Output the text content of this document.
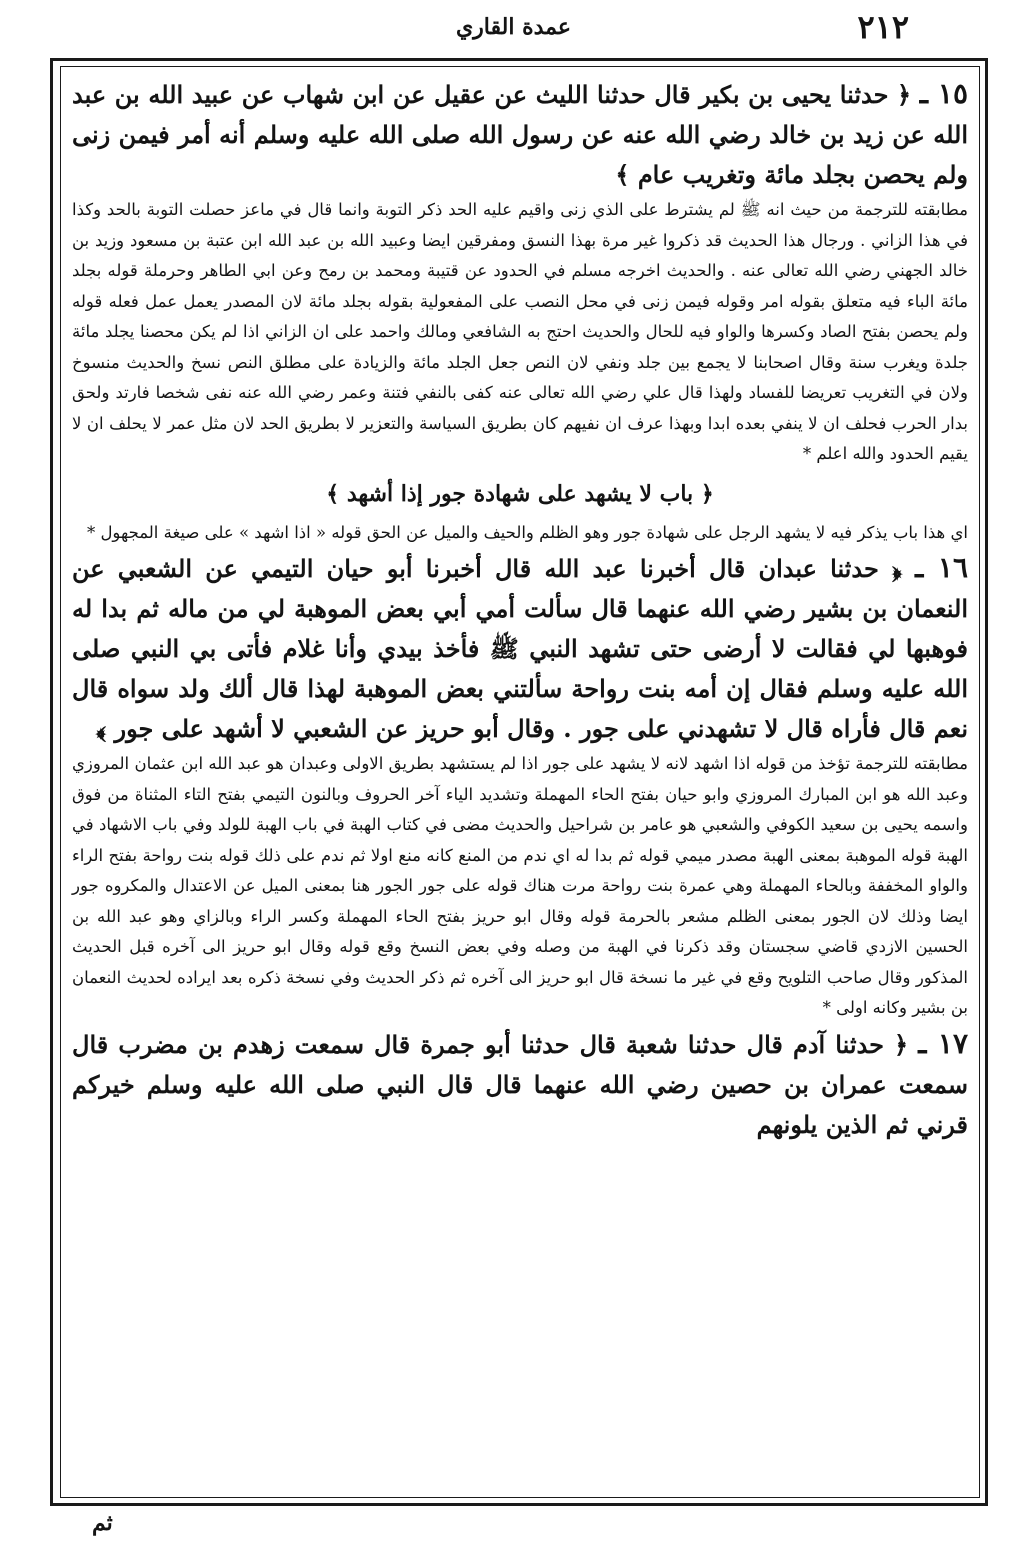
٢١٢
عمدة القاري

١٥ ـ ﴿ حدثنا يحيى بن بكير قال حدثنا الليث عن عقيل عن ابن شهاب عن عبيد الله بن عبد الله عن زيد بن خالد رضي الله عنه عن رسول الله صلى الله عليه وسلم أنه أمر فيمن زنى ولم يحصن بجلد مائة وتغريب عام ﴾

مطابقته للترجمة من حيث انه ﷺ لم يشترط على الذي زنى واقيم عليه الحد ذكر التوبة وانما قال في ماعز حصلت التوبة بالحد وكذا في هذا الزاني . ورجال هذا الحديث قد ذكروا غير مرة بهذا النسق ومفرقين ايضا وعبيد الله بن عبد الله ابن عتبة بن مسعود وزيد بن خالد الجهني رضي الله تعالى عنه . والحديث اخرجه مسلم في الحدود عن قتيبة ومحمد بن رمح وعن ابي الطاهر وحرملة قوله بجلد مائة الباء فيه متعلق بقوله امر وقوله فيمن زنى في محل النصب على المفعولية بقوله بجلد مائة لان المصدر يعمل عمل فعله قوله ولم يحصن بفتح الصاد وكسرها والواو فيه للحال والحديث احتج به الشافعي ومالك واحمد على ان الزاني اذا لم يكن محصنا يجلد مائة جلدة ويغرب سنة وقال اصحابنا لا يجمع بين جلد ونفي لان النص جعل الجلد مائة والزيادة على مطلق النص نسخ والحديث منسوخ ولان في التغريب تعريضا للفساد ولهذا قال علي رضي الله تعالى عنه كفى بالنفي فتنة وعمر رضي الله عنه نفى شخصا فارتد ولحق بدار الحرب فحلف ان لا ينفي بعده ابدا وبهذا عرف ان نفيهم كان بطريق السياسة والتعزير لا بطريق الحد لان مثل عمر لا يحلف ان لا يقيم الحدود والله اعلم *

﴿ باب لا يشهد على شهادة جور إذا أشهد ﴾

اي هذا باب يذكر فيه لا يشهد الرجل على شهادة جور وهو الظلم والحيف والميل عن الحق قوله « اذا اشهد » على صيغة المجهول *

١٦ ـ ﴿ حدثنا عبدان قال أخبرنا عبد الله قال أخبرنا أبو حيان التيمي عن الشعبي عن النعمان بن بشير رضي الله عنهما قال سألت أمي أبي بعض الموهبة لي من ماله ثم بدا له فوهبها لي فقالت لا أرضى حتى تشهد النبي ﷺ فأخذ بيدي وأنا غلام فأتى بي النبي صلى الله عليه وسلم فقال إن أمه بنت رواحة سألتني بعض الموهبة لهذا قال ألك ولد سواه قال نعم قال فأراه قال لا تشهدني على جور . وقال أبو حريز عن الشعبي لا أشهد على جور ﴾

مطابقته للترجمة تؤخذ من قوله اذا اشهد لانه لا يشهد على جور اذا لم يستشهد بطريق الاولى وعبدان هو عبد الله ابن عثمان المروزي وعبد الله هو ابن المبارك المروزي وابو حيان بفتح الحاء المهملة وتشديد الياء آخر الحروف وبالنون التيمي بفتح التاء المثناة من فوق واسمه يحيى بن سعيد الكوفي والشعبي هو عامر بن شراحيل والحديث مضى في كتاب الهبة في باب الهبة للولد وفي باب الاشهاد في الهبة قوله الموهبة بمعنى الهبة مصدر ميمي قوله ثم بدا له اي ندم من المنع كانه منع اولا ثم ندم على ذلك قوله بنت رواحة بفتح الراء والواو المخففة وبالحاء المهملة وهي عمرة بنت رواحة مرت هناك قوله على جور الجور هنا بمعنى الميل عن الاعتدال والمكروه جور ايضا وذلك لان الجور بمعنى الظلم مشعر بالحرمة قوله وقال ابو حريز بفتح الحاء المهملة وكسر الراء وبالزاي وهو عبد الله بن الحسين الازدي قاضي سجستان وقد ذكرنا في الهبة من وصله وفي بعض النسخ وقع قوله وقال ابو حريز الى آخره قبل الحديث المذكور وقال صاحب التلويح وقع في غير ما نسخة قال ابو حريز الى آخره ثم ذكر الحديث وفي نسخة ذكره بعد ايراده لحديث النعمان بن بشير وكانه اولى *

١٧ ـ ﴿ حدثنا آدم قال حدثنا شعبة قال حدثنا أبو جمرة قال سمعت زهدم بن مضرب قال سمعت عمران بن حصين رضي الله عنهما قال قال النبي صلى الله عليه وسلم خيركم قرني ثم الذين يلونهم

ثم
